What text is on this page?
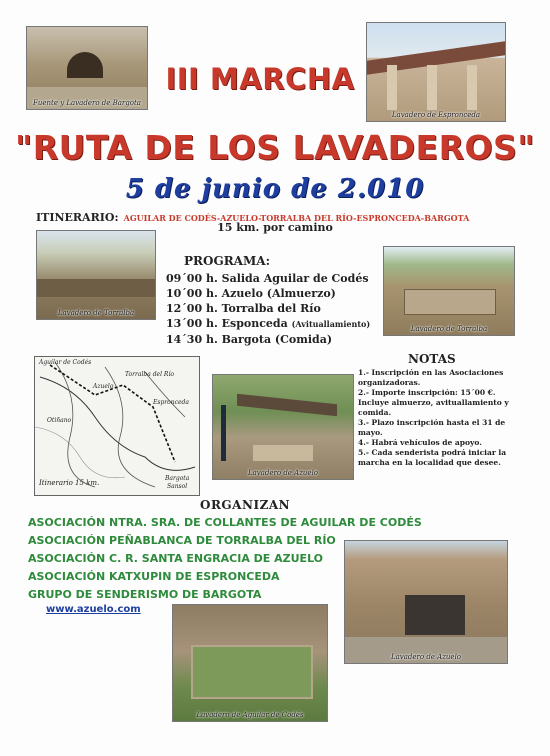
Fuente y Lavadero de Bargota
Lavadero de Espronceda
III MARCHA
"RUTA DE LOS LAVADEROS"
5 de junio de 2.010
ITINERARIO: AGUILAR DE CODÉS-AZUELO-TORRALBA DEL RÍO-ESPRONCEDA-BARGOTA
15 km. por camino
Lavadero de Torralba
PROGRAMA:
09´00 h. Salida Aguilar de Codés
10´00 h. Azuelo (Almuerzo)
12´00 h. Torralba del Río
13´00 h. Esponceda (Avituallamiento)
14´30 h. Bargota (Comida)
Lavadero de Torralba
Aguilar de Codés
Azuelo
Torralba del Río
Espronceda
Bargota
Otiñano
Sansol
Itinerario 15 km.
Lavadero de Azuelo
NOTAS
1.- Inscripción en las Asociaciones organizadoras.
2.- Importe inscripción: 15´00 €. Incluye almuerzo, avituallamiento y comida.
3.- Plazo inscripción hasta el 31 de mayo.
4.- Habrá vehículos de apoyo.
5.- Cada senderista podrá iniciar la marcha en la localidad que desee.
ORGANIZAN
ASOCIACIÓN NTRA. SRA. DE COLLANTES DE AGUILAR DE CODÉS
ASOCIACIÓN PEÑABLANCA DE TORRALBA DEL RÍO
ASOCIACIÓN C. R. SANTA ENGRACIA DE AZUELO
ASOCIACIÓN KATXUPIN DE ESPRONCEDA
GRUPO DE SENDERISMO DE BARGOTA
www.azuelo.com
Lavadero de Azuelo
Lavadero de Aguilar de Codés
